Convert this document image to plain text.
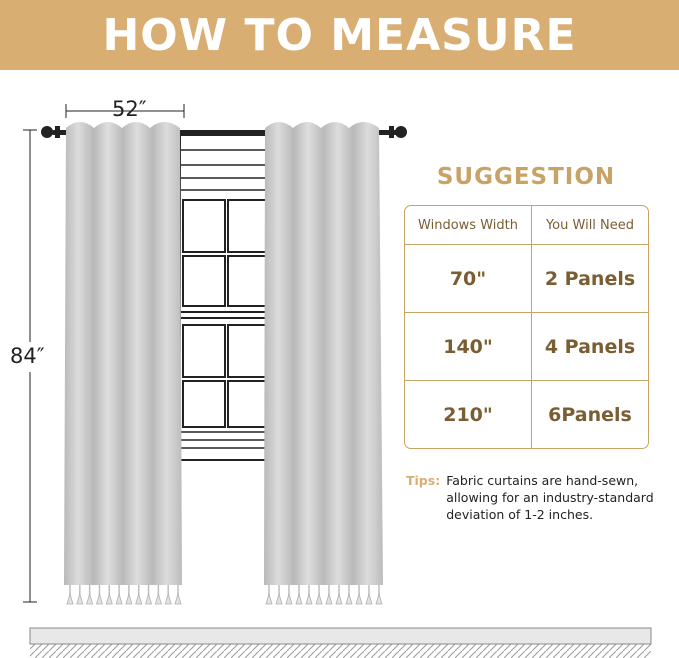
HOW TO MEASURE
52″
84″
SUGGESTION
Windows Width	You Will Need
70"	2 Panels
140"	4 Panels
210"	6Panels
Tips: Fabric curtains are hand-sewn, allowing for an industry-standard deviation of 1-2 inches.
